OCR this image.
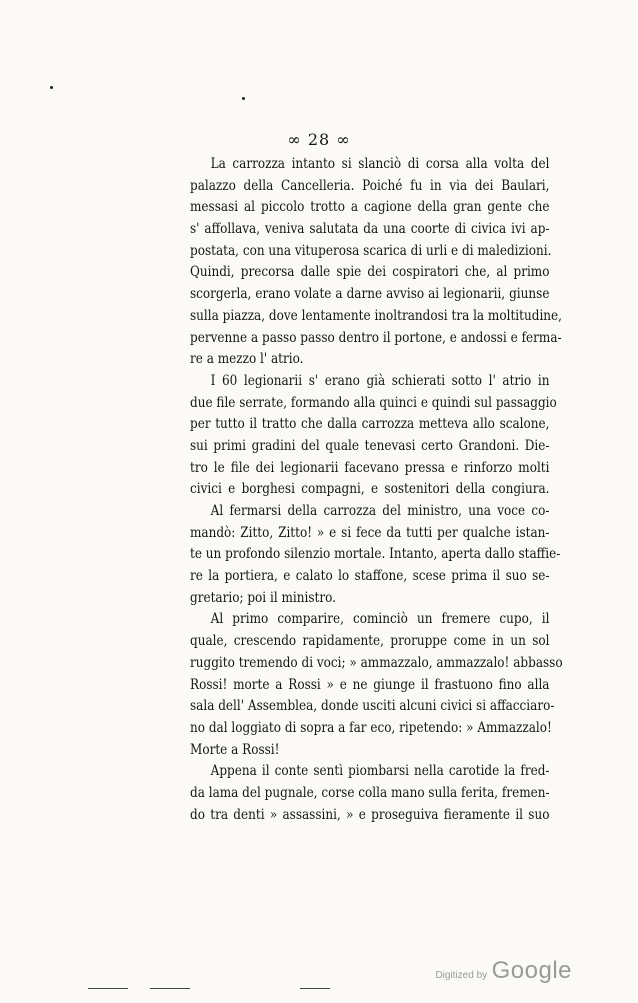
∞ 28 ∞
La carrozza intanto si slanciò di corsa alla volta del
palazzo della Cancelleria. Poiché fu in via dei Baulari,
messasi al piccolo trotto a cagione della gran gente che
s' affollava, veniva salutata da una coorte di civica ivi ap-
postata, con una vituperosa scarica di urli e di maledizioni.
Quindi, precorsa dalle spie dei cospiratori che, al primo
scorgerla, erano volate a darne avviso ai legionarii, giunse
sulla piazza, dove lentamente inoltrandosi tra la moltitudine,
pervenne a passo passo dentro il portone, e andossi e ferma-
re a mezzo l' atrio.
I 60 legionarii s' erano già schierati sotto l' atrio in
due file serrate, formando alla quinci e quindi sul passaggio
per tutto il tratto che dalla carrozza metteva allo scalone,
sui primi gradini del quale tenevasi certo Grandoni. Die-
tro le file dei legionarii facevano pressa e rinforzo molti
civici e borghesi compagni, e sostenitori della congiura.
Al fermarsi della carrozza del ministro, una voce co-
mandò: Zitto, Zitto! » e si fece da tutti per qualche istan-
te un profondo silenzio mortale. Intanto, aperta dallo staffie-
re la portiera, e calato lo staffone, scese prima il suo se-
gretario; poi il ministro.
Al primo comparire, cominciò un fremere cupo, il
quale, crescendo rapidamente, proruppe come in un sol
ruggito tremendo di voci; » ammazzalo, ammazzalo! abbasso
Rossi! morte a Rossi » e ne giunge il frastuono fino alla
sala dell' Assemblea, donde usciti alcuni civici si affacciaro-
no dal loggiato di sopra a far eco, ripetendo: » Ammazzalo!
Morte a Rossi!
Appena il conte sentì piombarsi nella carotide la fred-
da lama del pugnale, corse colla mano sulla ferita, fremen-
do tra denti » assassini, » e proseguiva fieramente il suo
Digitized by Google
